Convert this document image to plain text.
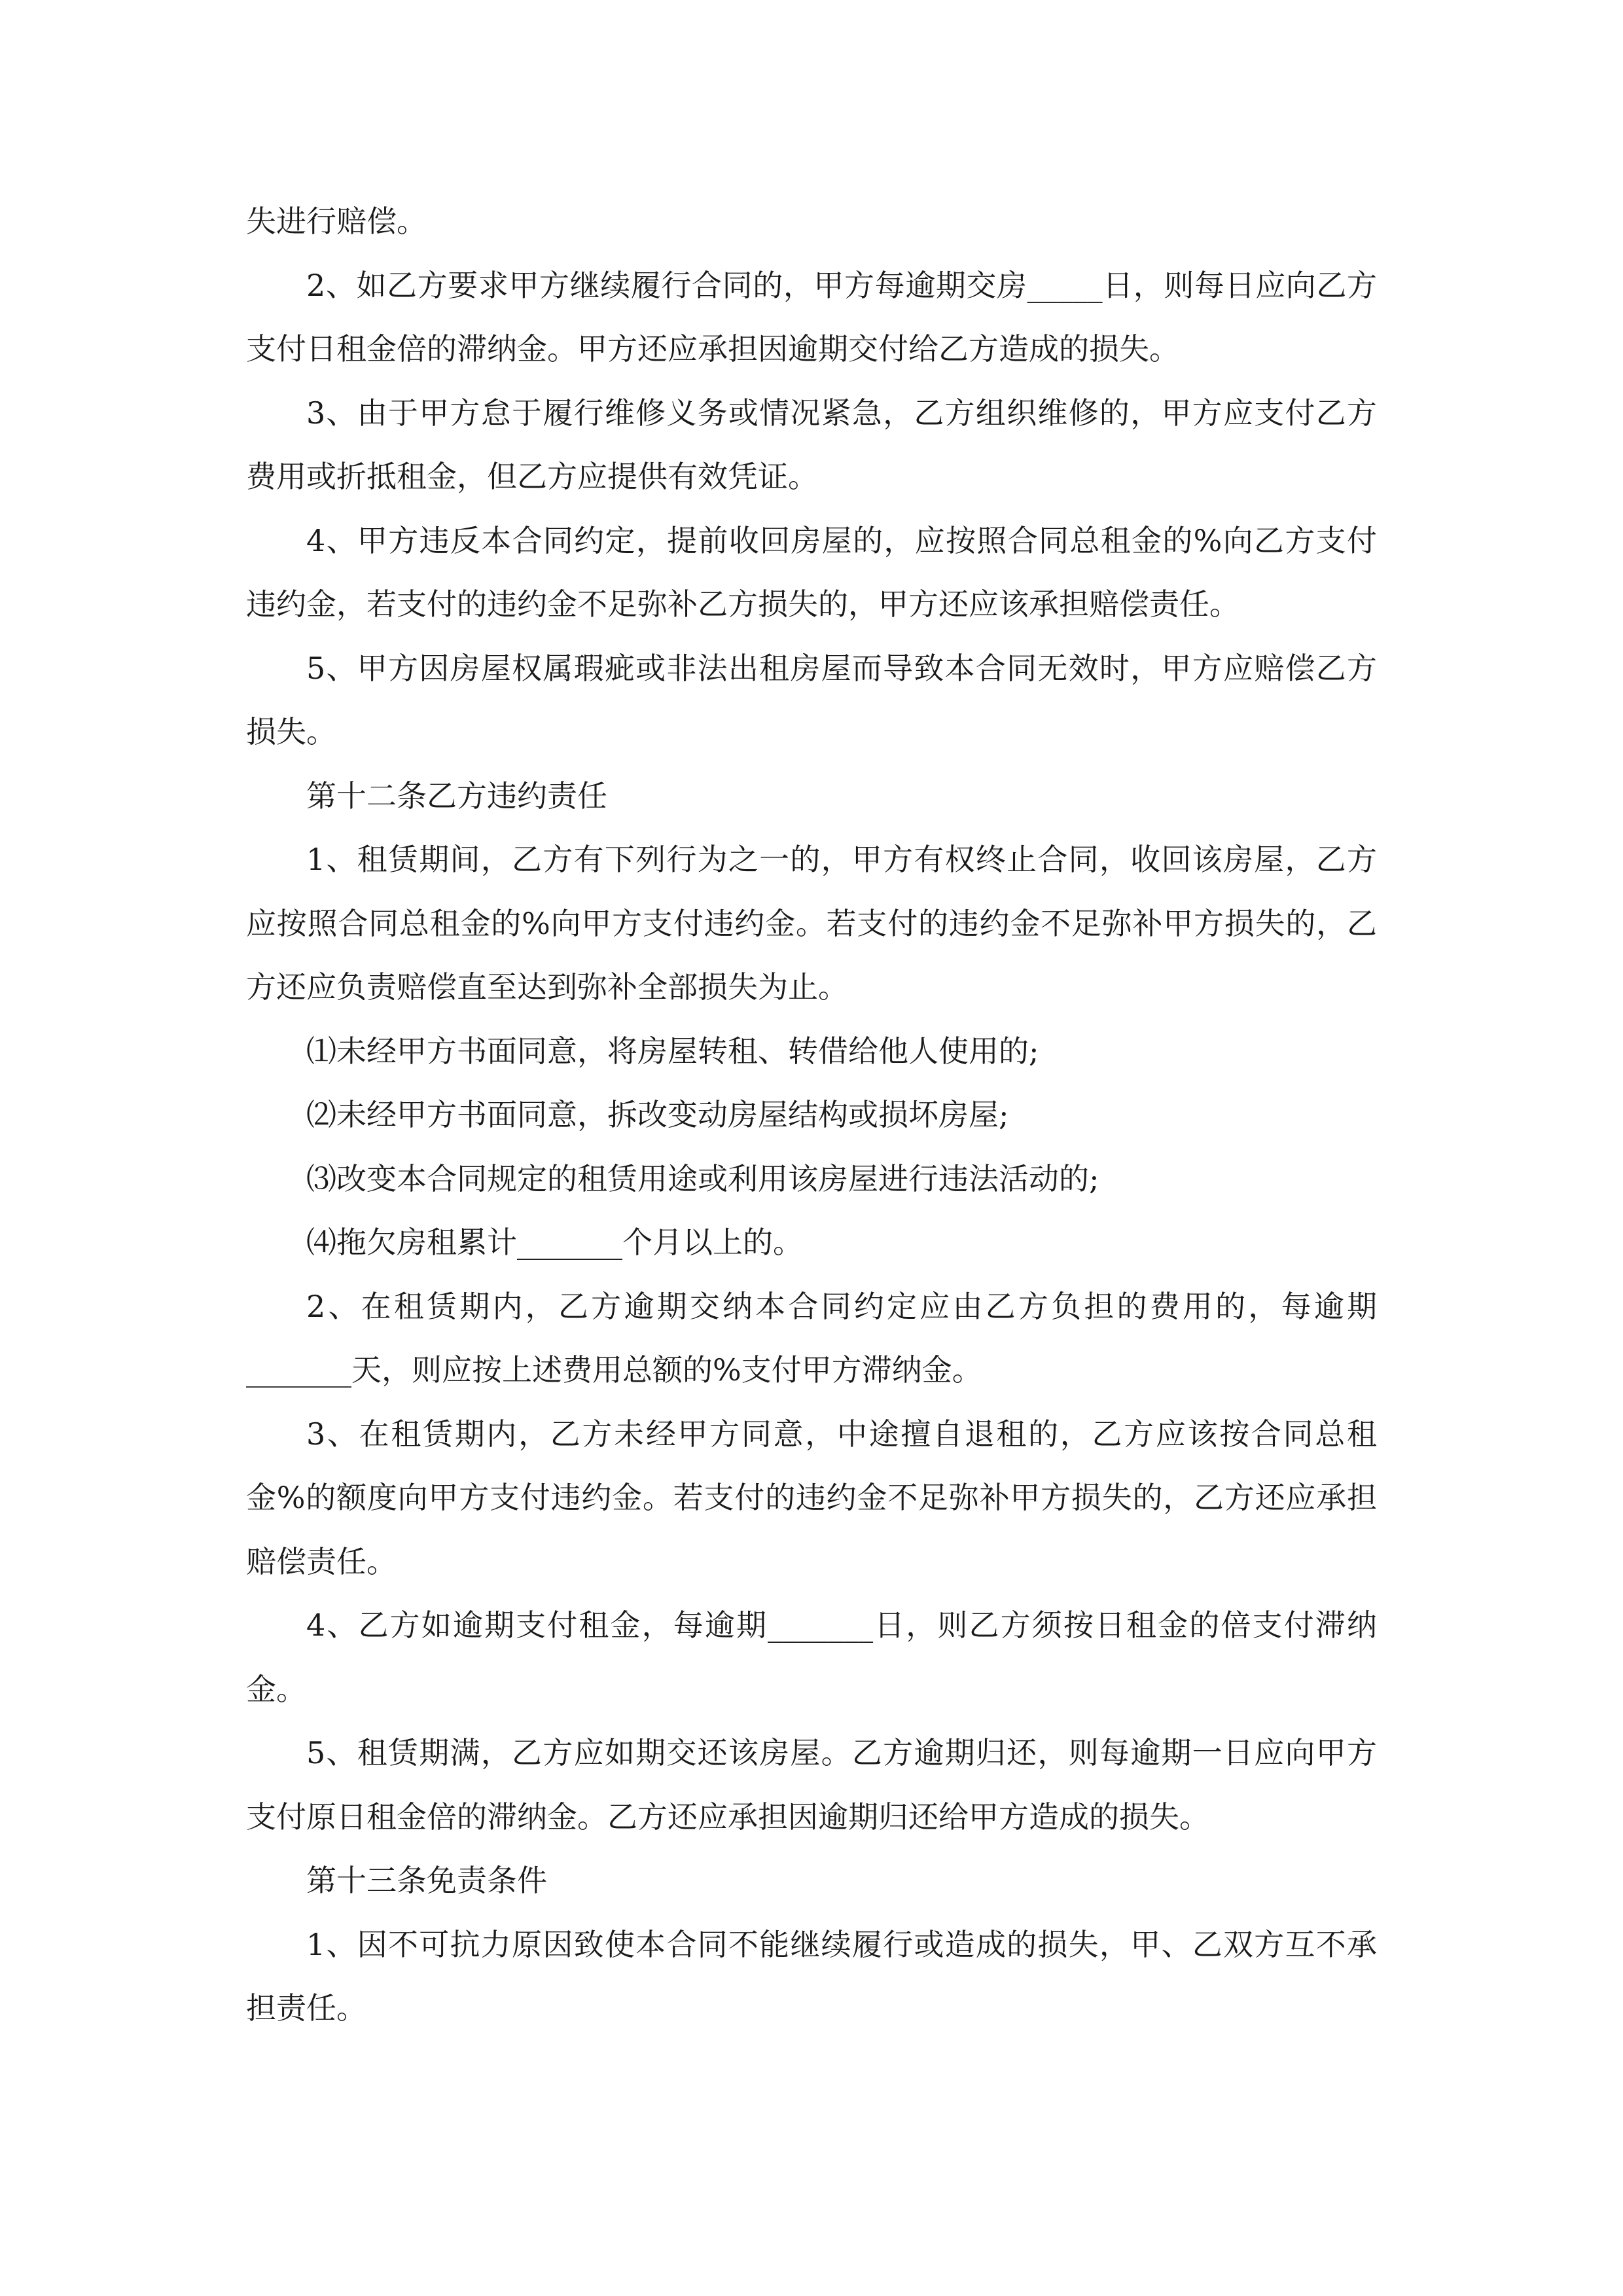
失进行赔偿。

2、如乙方要求甲方继续履行合同的，甲方每逾期交房_____日，则每日应向乙方支付日租金倍的滞纳金。甲方还应承担因逾期交付给乙方造成的损失。

3、由于甲方怠于履行维修义务或情况紧急，乙方组织维修的，甲方应支付乙方费用或折抵租金，但乙方应提供有效凭证。

4、甲方违反本合同约定，提前收回房屋的，应按照合同总租金的%向乙方支付违约金，若支付的违约金不足弥补乙方损失的，甲方还应该承担赔偿责任。

5、甲方因房屋权属瑕疵或非法出租房屋而导致本合同无效时，甲方应赔偿乙方损失。

第十二条乙方违约责任

1、租赁期间，乙方有下列行为之一的，甲方有权终止合同，收回该房屋，乙方应按照合同总租金的%向甲方支付违约金。若支付的违约金不足弥补甲方损失的，乙方还应负责赔偿直至达到弥补全部损失为止。

⑴未经甲方书面同意，将房屋转租、转借给他人使用的;

⑵未经甲方书面同意，拆改变动房屋结构或损坏房屋;

⑶改变本合同规定的租赁用途或利用该房屋进行违法活动的;

⑷拖欠房租累计_______个月以上的。

2、在租赁期内，乙方逾期交纳本合同约定应由乙方负担的费用的，每逾期_______天，则应按上述费用总额的%支付甲方滞纳金。

3、在租赁期内，乙方未经甲方同意，中途擅自退租的，乙方应该按合同总租金%的额度向甲方支付违约金。若支付的违约金不足弥补甲方损失的，乙方还应承担赔偿责任。

4、乙方如逾期支付租金，每逾期_______日，则乙方须按日租金的倍支付滞纳金。

5、租赁期满，乙方应如期交还该房屋。乙方逾期归还，则每逾期一日应向甲方支付原日租金倍的滞纳金。乙方还应承担因逾期归还给甲方造成的损失。

第十三条免责条件

1、因不可抗力原因致使本合同不能继续履行或造成的损失，甲、乙双方互不承担责任。
